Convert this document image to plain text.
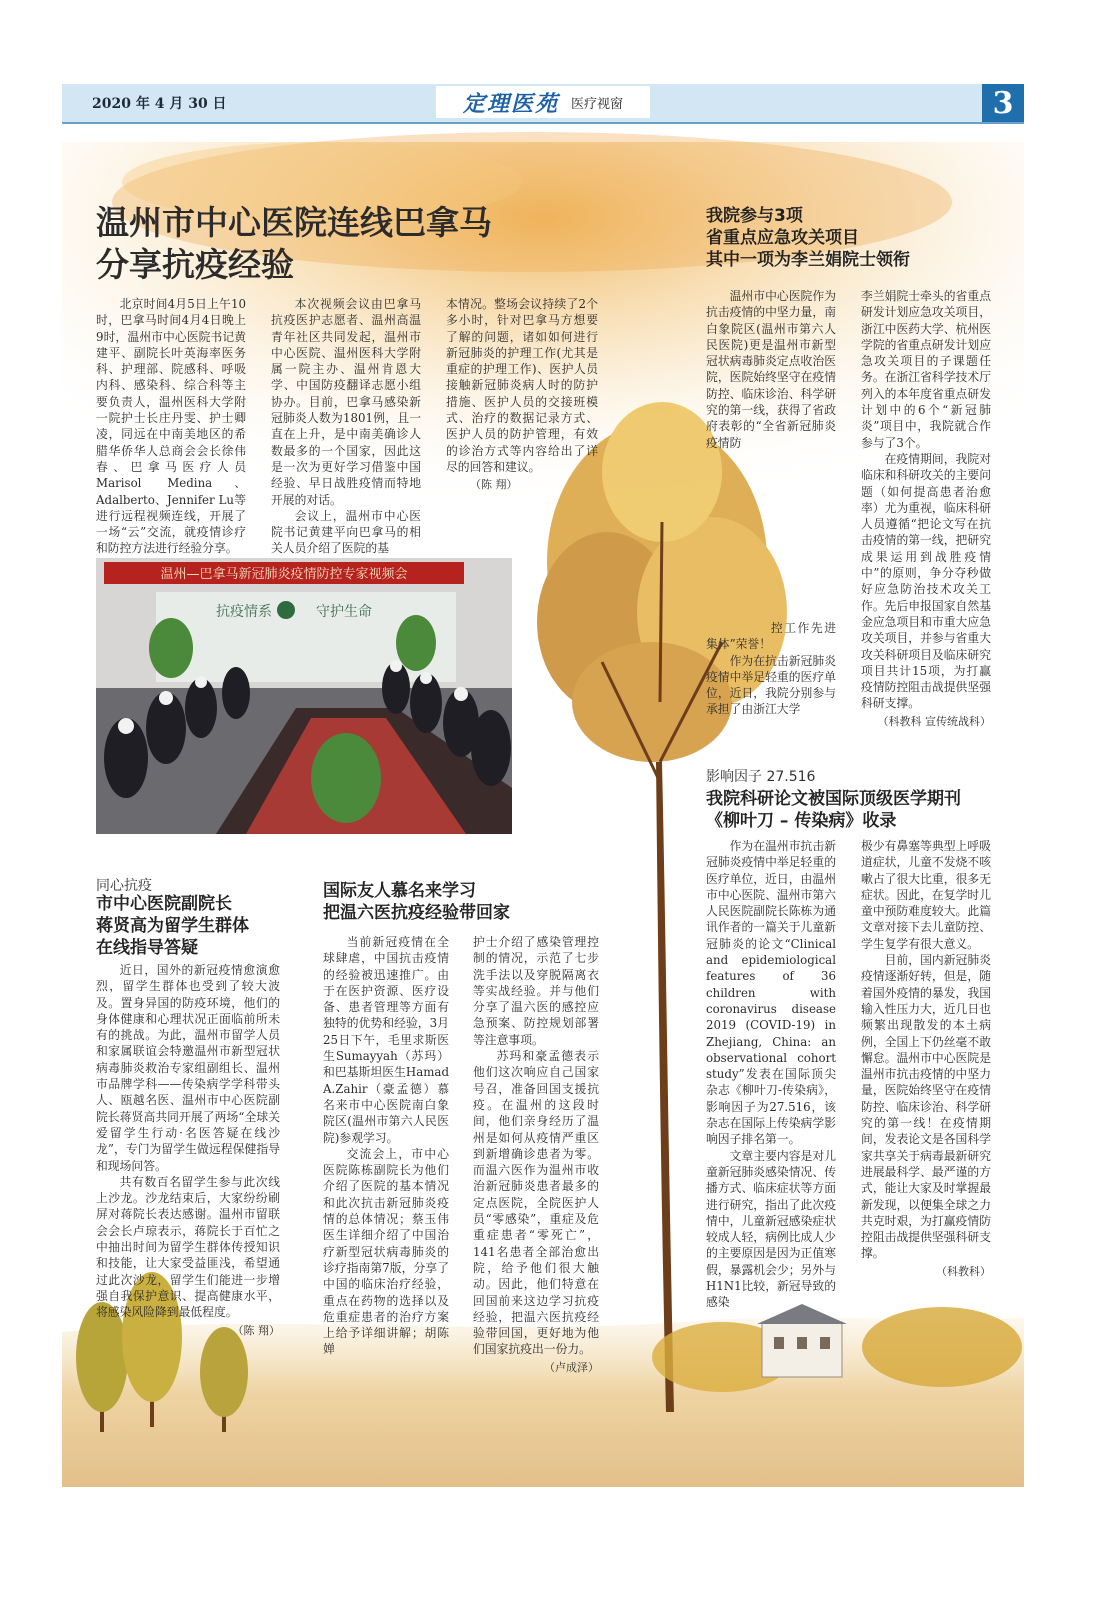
2020 年 4 月 30 日	定理医苑 医疗视窗	3
温州市中心医院连线巴拿马
分享抗疫经验

北京时间4月5日上午10时，巴拿马时间4月4日晚上9时，温州市中心医院书记黄建平、副院长叶英海率医务科、护理部、院感科、呼吸内科、感染科、综合科等主要负责人，温州医科大学附一院护士长庄丹雯、护士卿凌，同远在中南美地区的希腊华侨华人总商会会长徐伟春、巴拿马医疗人员Marisol Medina、Adalberto、Jennifer Lu等进行远程视频连线，开展了一场“云”交流，就疫情诊疗和防控方法进行经验分享。

本次视频会议由巴拿马抗疫医护志愿者、温州高温青年社区共同发起，温州市中心医院、温州医科大学附属一院主办、温州肯恩大学、中国防疫翻译志愿小组协办。目前，巴拿马感染新冠肺炎人数为1801例，且一直在上升，是中南美确诊人数最多的一个国家，因此这是一次为更好学习借鉴中国经验、早日战胜疫情而特地开展的对话。

会议上，温州市中心医院书记黄建平向巴拿马的相关人员介绍了医院的基

本情况。整场会议持续了2个多小时，针对巴拿马方想要了解的问题，诸如如何进行新冠肺炎的护理工作(尤其是重症的护理工作)、医护人员接触新冠肺炎病人时的防护措施、医护人员的交接班模式、治疗的数据记录方式、医护人员的防护管理，有效的诊治方式等内容给出了详尽的回答和建议。

（陈 翔）
温州—巴拿马新冠肺炎疫情防控专家视频会
抗疫情系	守护生命
我院参与3项
省重点应急攻关项目
其中一项为李兰娟院士领衔

温州市中心医院作为抗击疫情的中坚力量，南白象院区(温州市第六人民医院)更是温州市新型冠状病毒肺炎定点收治医院，医院始终坚守在疫情防控、临床诊治、科学研究的第一线，获得了省政府表彰的“全省新冠肺炎疫情防

控工作先进集体”荣誉！

作为在抗击新冠肺炎疫情中举足轻重的医疗单位，近日，我院分别参与承担了由浙江大学

李兰娟院士牵头的省重点研发计划应急攻关项目，浙江中医药大学、杭州医学院的省重点研发计划应急攻关项目的子课题任务。在浙江省科学技术厅列入的本年度省重点研发计划中的6个“新冠肺炎”项目中，我院就合作参与了3个。

在疫情期间，我院对临床和科研攻关的主要问题（如何提高患者治愈率）尤为重视，临床科研人员遵循“把论文写在抗击疫情的第一线，把研究成果运用到战胜疫情中”的原则，争分夺秒做好应急防治技术攻关工作。先后申报国家自然基金应急项目和市重大应急攻关项目，并参与省重大攻关科研项目及临床研究项目共计15项，为打赢疫情防控阻击战提供坚强科研支撑。

（科教科 宣传统战科）
影响因子 27.516
我院科研论文被国际顶级医学期刊
《柳叶刀 – 传染病》收录

作为在温州市抗击新冠肺炎疫情中举足轻重的医疗单位，近日，由温州市中心医院、温州市第六人民医院副院长陈栋为通讯作者的一篇关于儿童新冠肺炎的论文“Clinical and epidemiological features of 36 children with coronavirus disease 2019 (COVID-19) in Zhejiang, China: an observational cohort study”发表在国际顶尖杂志《柳叶刀-传染病》，影响因子为27.516，该杂志在国际上传染病学影响因子排名第一。

文章主要内容是对儿童新冠肺炎感染情况、传播方式、临床症状等方面进行研究，指出了此次疫情中，儿童新冠感染症状较成人轻，病例比成人少的主要原因是因为正值寒假，暴露机会少；另外与H1N1比较，新冠导致的感染

极少有鼻塞等典型上呼吸道症状，儿童不发烧不咳嗽占了很大比重，很多无症状。因此，在复学时儿童中预防难度较大。此篇文章对接下去儿童防控、学生复学有很大意义。

目前，国内新冠肺炎疫情逐渐好转，但是，随着国外疫情的暴发，我国输入性压力大，近几日也频繁出现散发的本土病例，全国上下仍丝毫不敢懈怠。温州市中心医院是温州市抗击疫情的中坚力量，医院始终坚守在疫情防控、临床诊治、科学研究的第一线！在疫情期间，发表论文是各国科学家共享关于病毒最新研究进展最科学、最严谨的方式，能让大家及时掌握最新发现，以便集全球之力共克时艰，为打赢疫情防控阻击战提供坚强科研支撑。

（科教科）
同心抗疫
市中心医院副院长
蒋贤高为留学生群体
在线指导答疑

近日，国外的新冠疫情愈演愈烈，留学生群体也受到了较大波及。置身异国的防疫环境，他们的身体健康和心理状况正面临前所未有的挑战。为此，温州市留学人员和家属联谊会特邀温州市新型冠状病毒肺炎救治专家组副组长、温州市品牌学科——传染病学学科带头人、瓯越名医、温州市中心医院副院长蒋贤高共同开展了两场“全球关爱留学生行动·名医答疑在线沙龙”，专门为留学生做远程保健指导和现场问答。

共有数百名留学生参与此次线上沙龙。沙龙结束后，大家纷纷刷屏对蒋院长表达感谢。温州市留联会会长卢琼表示，蒋院长于百忙之中抽出时间为留学生群体传授知识和技能，让大家受益匪浅，希望通过此次沙龙，留学生们能进一步增强自我保护意识、提高健康水平，将感染风险降到最低程度。

（陈 翔）
国际友人慕名来学习
把温六医抗疫经验带回家

当前新冠疫情在全球肆虐，中国抗击疫情的经验被迅速推广。由于在医护资源、医疗设备、患者管理等方面有独特的优势和经验，3月25日下午，毛里求斯医生Sumayyah（苏玛）和巴基斯坦医生Hamad A.Zahir（豪孟德）慕名来市中心医院南白象院区(温州市第六人民医院)参观学习。

交流会上，市中心医院陈栋副院长为他们介绍了医院的基本情况和此次抗击新冠肺炎疫情的总体情况；蔡玉伟医生详细介绍了中国治疗新型冠状病毒肺炎的诊疗指南第7版，分享了中国的临床治疗经验，重点在药物的选择以及危重症患者的治疗方案上给予详细讲解；胡陈婵

护士介绍了感染管理控制的情况，示范了七步洗手法以及穿脱隔离衣等实战经验。并与他们分享了温六医的感控应急预案、防控规划部署等注意事项。

苏玛和豪孟德表示他们这次响应自己国家号召，准备回国支援抗疫。在温州的这段时间，他们亲身经历了温州是如何从疫情严重区到新增确诊患者为零。而温六医作为温州市收治新冠肺炎患者最多的定点医院，全院医护人员“零感染”，重症及危重症患者“零死亡”，141名患者全部治愈出院，给予他们很大触动。因此，他们特意在回国前来这边学习抗疫经验，把温六医抗疫经验带回国，更好地为他们国家抗疫出一份力。

（卢成泽）
